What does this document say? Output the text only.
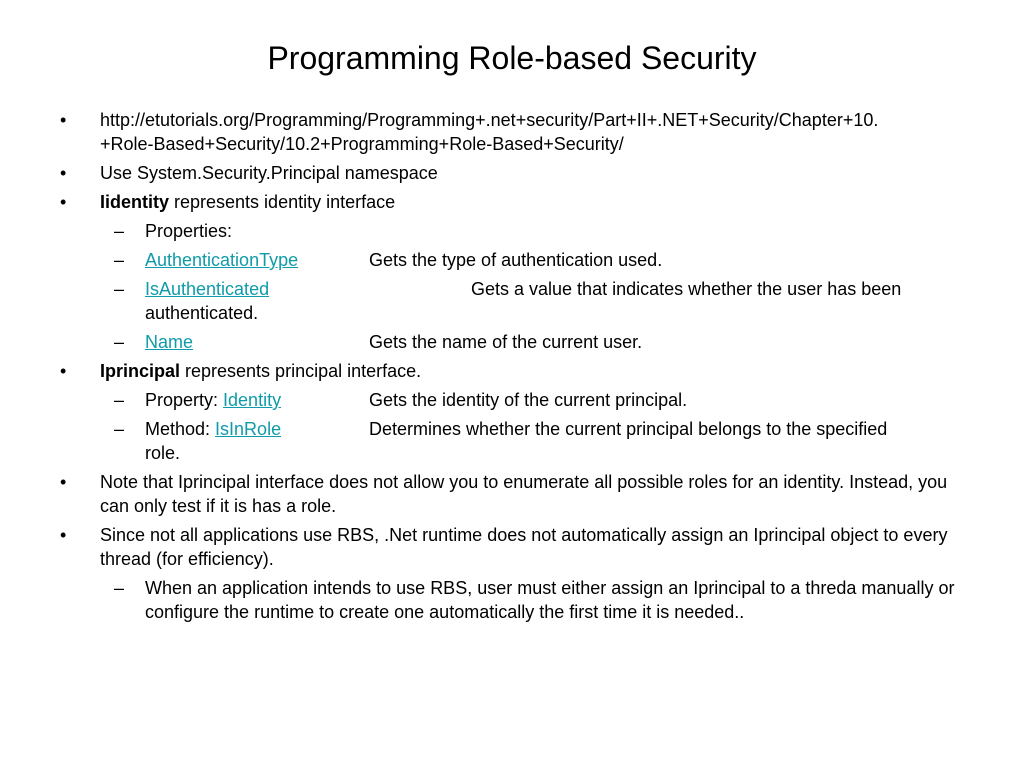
Programming Role-based Security
• http://etutorials.org/Programming/Programming+.net+security/Part+II+.NET+Security/Chapter+10.
+Role-Based+Security/10.2+Programming+Role-Based+Security/
• Use System.Security.Principal namespace
• Iidentity represents identity interface
– Properties:
– AuthenticationType	Gets the type of authentication used.
– IsAuthenticated	Gets a value that indicates whether the user has been
authenticated.
– Name	Gets the name of the current user.
• Iprincipal represents principal interface.
– Property: Identity	Gets the identity of the current principal.
– Method: IsInRole	Determines whether the current principal belongs to the specified
role.
• Note that Iprincipal interface does not allow you to enumerate all possible roles for an identity. Instead, you can only test if it is has a role.
• Since not all applications use RBS, .Net runtime does not automatically assign an Iprincipal object to every thread (for efficiency).
– When an application intends to use RBS, user must either assign an Iprincipal to a threda manually or configure the runtime to create one automatically the first time it is needed..
